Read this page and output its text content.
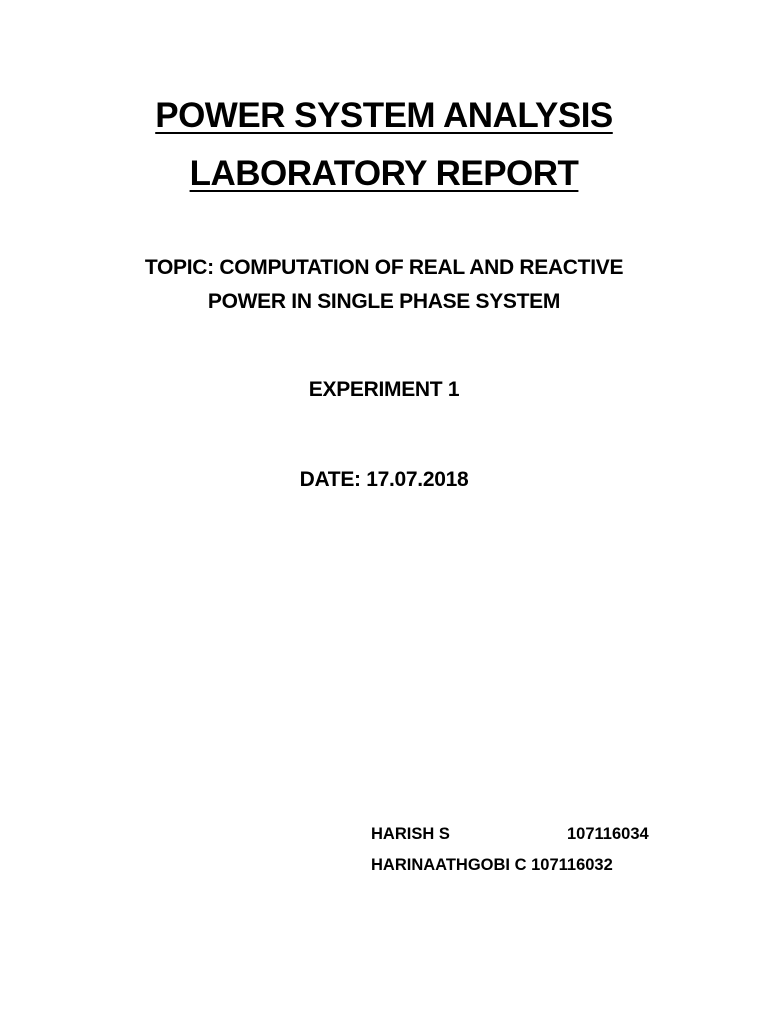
POWER SYSTEM ANALYSIS
LABORATORY REPORT
TOPIC: COMPUTATION OF REAL AND REACTIVE
POWER IN SINGLE PHASE SYSTEM
EXPERIMENT 1
DATE: 17.07.2018
HARISH S	107116034
HARINAATHGOBI C 107116032
